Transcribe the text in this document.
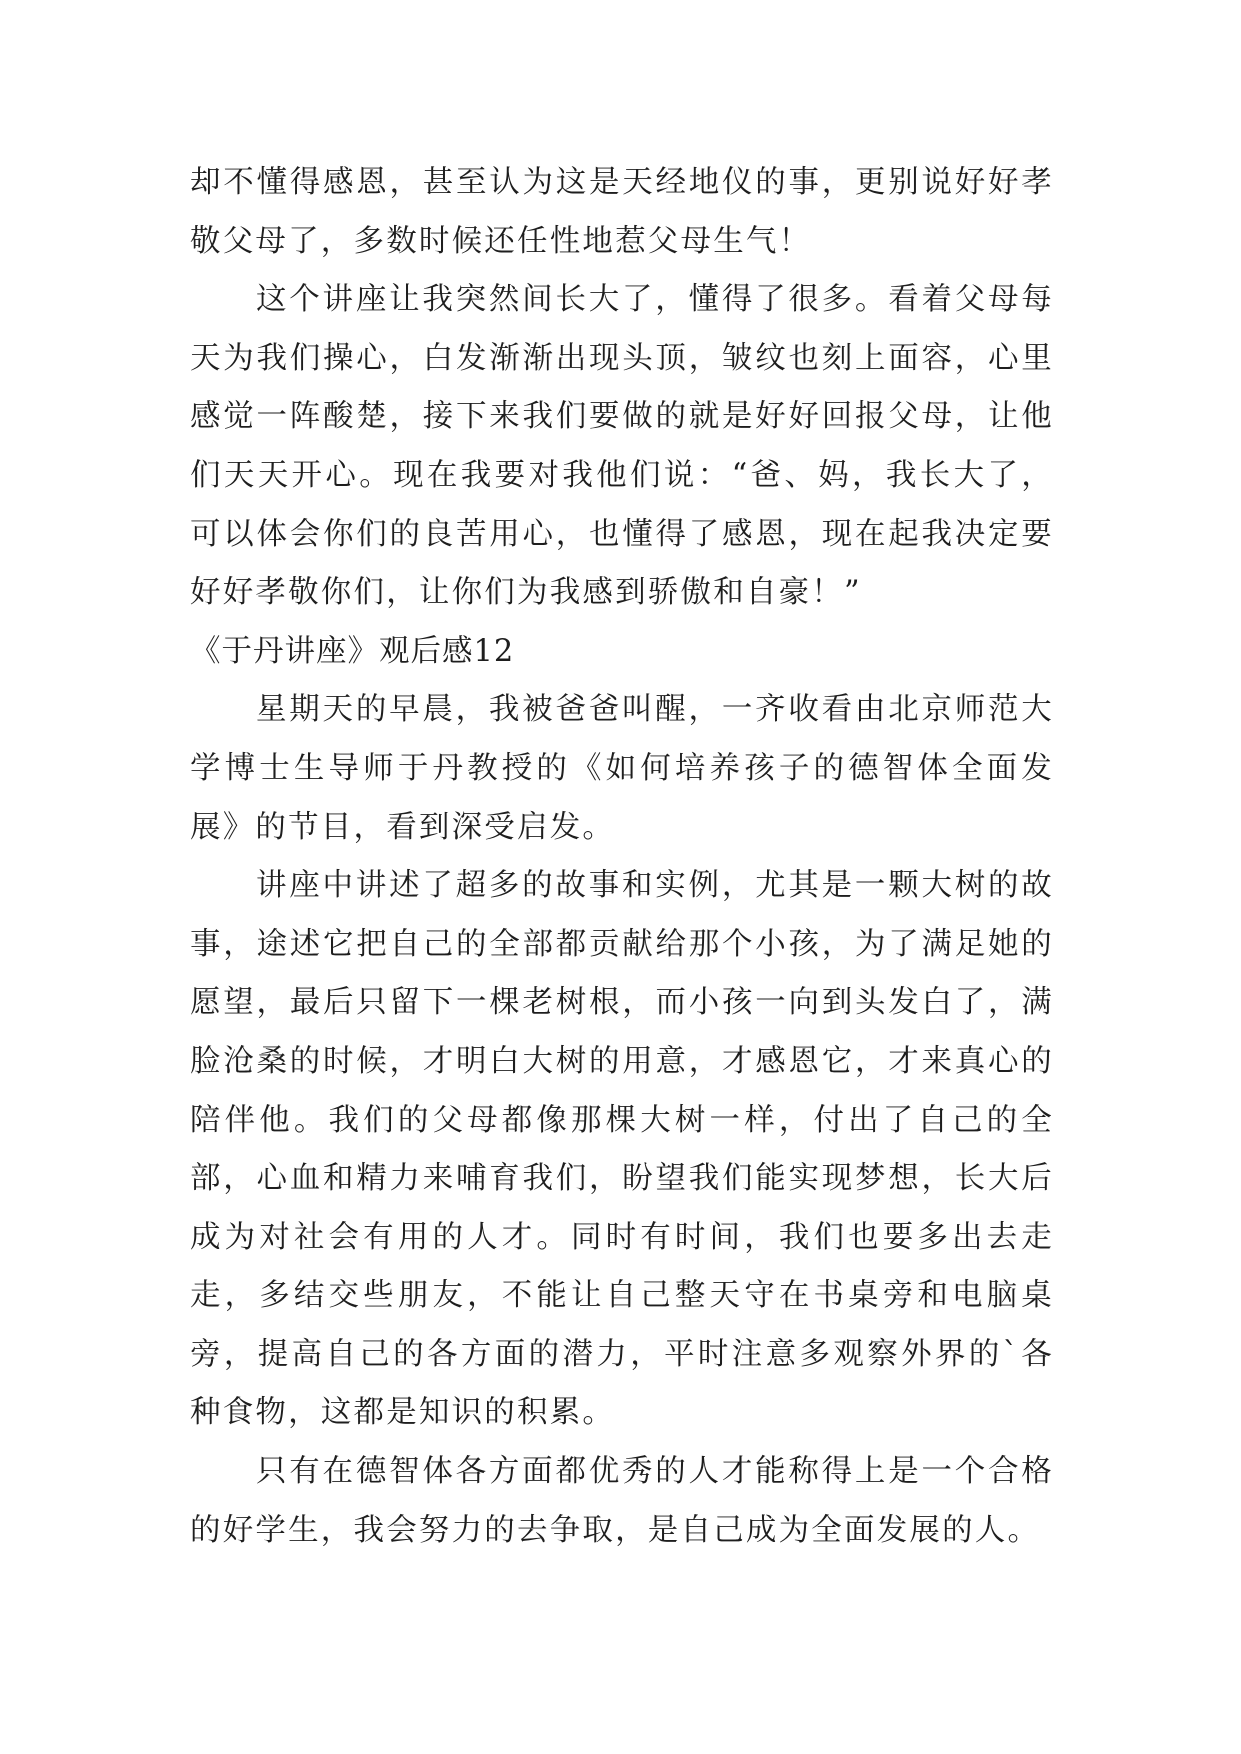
却不懂得感恩，甚至认为这是天经地仪的事，更别说好好孝敬父母了，多数时候还任性地惹父母生气！

这个讲座让我突然间长大了，懂得了很多。看着父母每天为我们操心，白发渐渐出现头顶，皱纹也刻上面容，心里感觉一阵酸楚，接下来我们要做的就是好好回报父母，让他们天天开心。现在我要对我他们说：“爸、妈，我长大了，可以体会你们的良苦用心，也懂得了感恩，现在起我决定要好好孝敬你们，让你们为我感到骄傲和自豪！”

《于丹讲座》观后感12

星期天的早晨，我被爸爸叫醒，一齐收看由北京师范大学博士生导师于丹教授的《如何培养孩子的德智体全面发展》的节目，看到深受启发。

讲座中讲述了超多的故事和实例，尤其是一颗大树的故事，途述它把自己的全部都贡献给那个小孩，为了满足她的愿望，最后只留下一棵老树根，而小孩一向到头发白了，满脸沧桑的时候，才明白大树的用意，才感恩它，才来真心的陪伴他。我们的父母都像那棵大树一样，付出了自己的全部，心血和精力来哺育我们，盼望我们能实现梦想，长大后成为对社会有用的人才。同时有时间，我们也要多出去走走，多结交些朋友，不能让自己整天守在书桌旁和电脑桌旁，提高自己的各方面的潜力，平时注意多观察外界的`各种食物，这都是知识的积累。

只有在德智体各方面都优秀的人才能称得上是一个合格的好学生，我会努力的去争取，是自己成为全面发展的人。
